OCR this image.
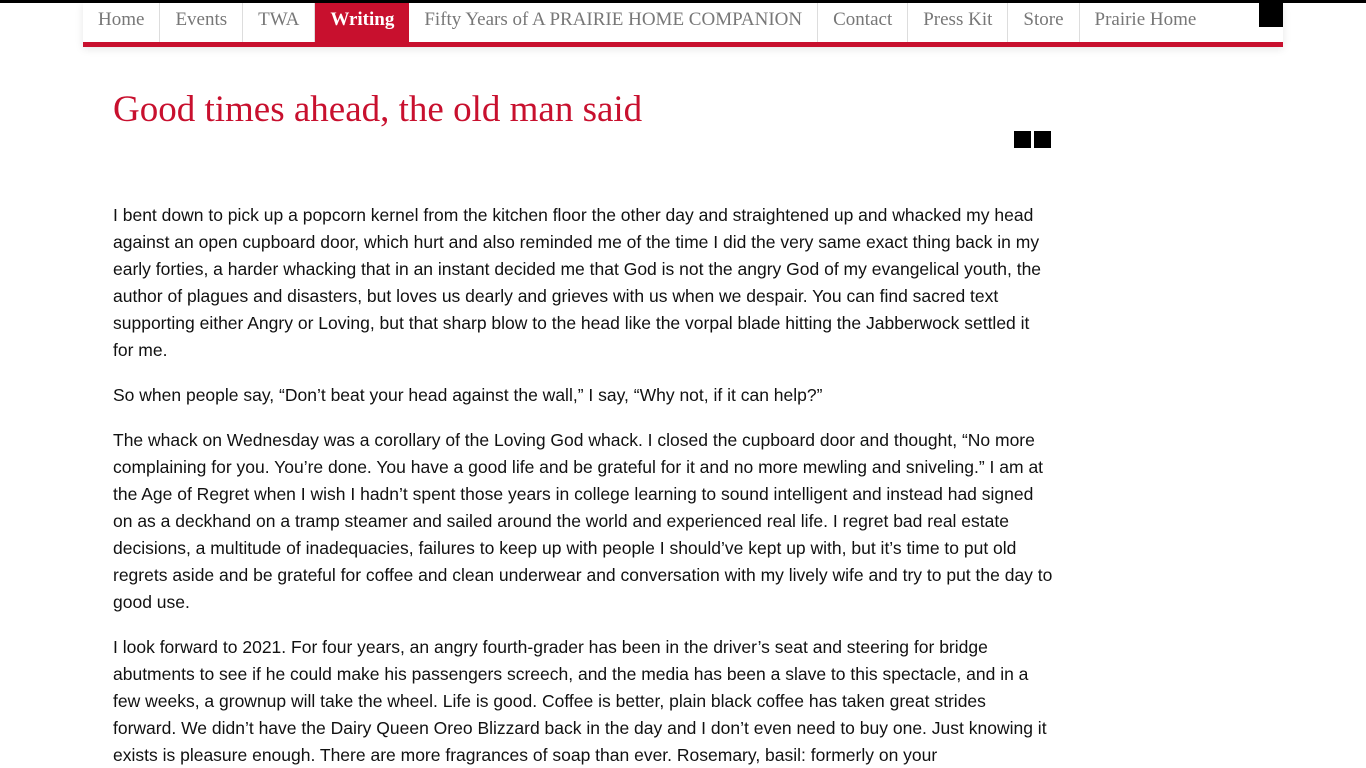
Home	Events	TWA	Writing	Fifty Years of A PRAIRIE HOME COMPANION	Contact	Press Kit	Store	Prairie Home
Good times ahead, the old man said

I bent down to pick up a popcorn kernel from the kitchen floor the other day and straightened up and whacked my head against an open cupboard door, which hurt and also reminded me of the time I did the very same exact thing back in my early forties, a harder whacking that in an instant decided me that God is not the angry God of my evangelical youth, the author of plagues and disasters, but loves us dearly and grieves with us when we despair. You can find sacred text supporting either Angry or Loving, but that sharp blow to the head like the vorpal blade hitting the Jabberwock settled it for me.

So when people say, “Don’t beat your head against the wall,” I say, “Why not, if it can help?”

The whack on Wednesday was a corollary of the Loving God whack. I closed the cupboard door and thought, “No more complaining for you. You’re done. You have a good life and be grateful for it and no more mewling and sniveling.” I am at the Age of Regret when I wish I hadn’t spent those years in college learning to sound intelligent and instead had signed on as a deckhand on a tramp steamer and sailed around the world and experienced real life. I regret bad real estate decisions, a multitude of inadequacies, failures to keep up with people I should’ve kept up with, but it’s time to put old regrets aside and be grateful for coffee and clean underwear and conversation with my lively wife and try to put the day to good use.

I look forward to 2021. For four years, an angry fourth-grader has been in the driver’s seat and steering for bridge abutments to see if he could make his passengers screech, and the media has been a slave to this spectacle, and in a few weeks, a grownup will take the wheel. Life is good. Coffee is better, plain black coffee has taken great strides forward. We didn’t have the Dairy Queen Oreo Blizzard back in the day and I don’t even need to buy one. Just knowing it exists is pleasure enough. There are more fragrances of soap than ever. Rosemary, basil: formerly on your
